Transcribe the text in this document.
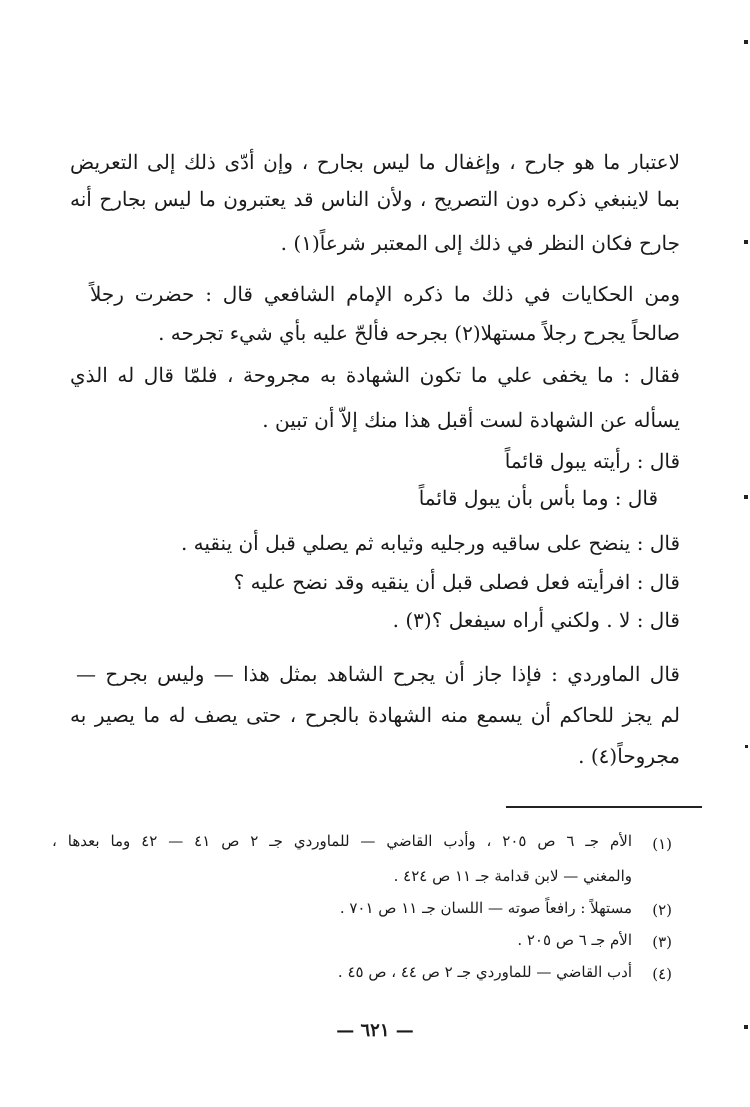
لاعتبار ما هو جارح ، وإغفال ما ليس بجارح ، وإن أدّى ذلك إلى التعريض
بما لاينبغي ذكره دون التصريح ، ولأن الناس قد يعتبرون ما ليس بجارح أنه
جارح فكان النظر في ذلك إلى المعتبر شرعاً(١) .
ومن الحكايات في ذلك ما ذكره الإمام الشافعي قال : حضرت رجلاً
صالحاً يجرح رجلاً مستهلا(٢) بجرحه فألحّ عليه بأي شيء تجرحه .
فقال : ما يخفى علي ما تكون الشهادة به مجروحة ، فلمّا قال له الذي
يسأله عن الشهادة لست أقبل هذا منك إلاّ أن تبين .
قال : رأيته يبول قائماً
قال : وما بأس بأن يبول قائماً
قال : ينضح على ساقيه ورجليه وثيابه ثم يصلي قبل أن ينقيه .
قال : افرأيته فعل فصلى قبل أن ينقيه وقد نضح عليه ؟
قال : لا . ولكني أراه سيفعل ؟(٣) .
قال الماوردي : فإذا جاز أن يجرح الشاهد بمثل هذا — وليس بجرح —
لم يجز للحاكم أن يسمع منه الشهادة بالجرح ، حتى يصف له ما يصير به
مجروحاً(٤) .
(١)
الأم جـ ٦ ص ٢٠٥ ، وأدب القاضي — للماوردي جـ ٢ ص ٤١ — ٤٢ وما بعدها ،
والمغني — لابن قدامة جـ ١١ ص ٤٢٤ .
(٢)
مستهلاً : رافعاً صوته — اللسان جـ ١١ ص ٧٠١ .
(٣)
الأم جـ ٦ ص ٢٠٥ .
(٤)
أدب القاضي — للماوردي جـ ٢ ص ٤٤ ، ص ٤٥ .
— ٦٢١ —
